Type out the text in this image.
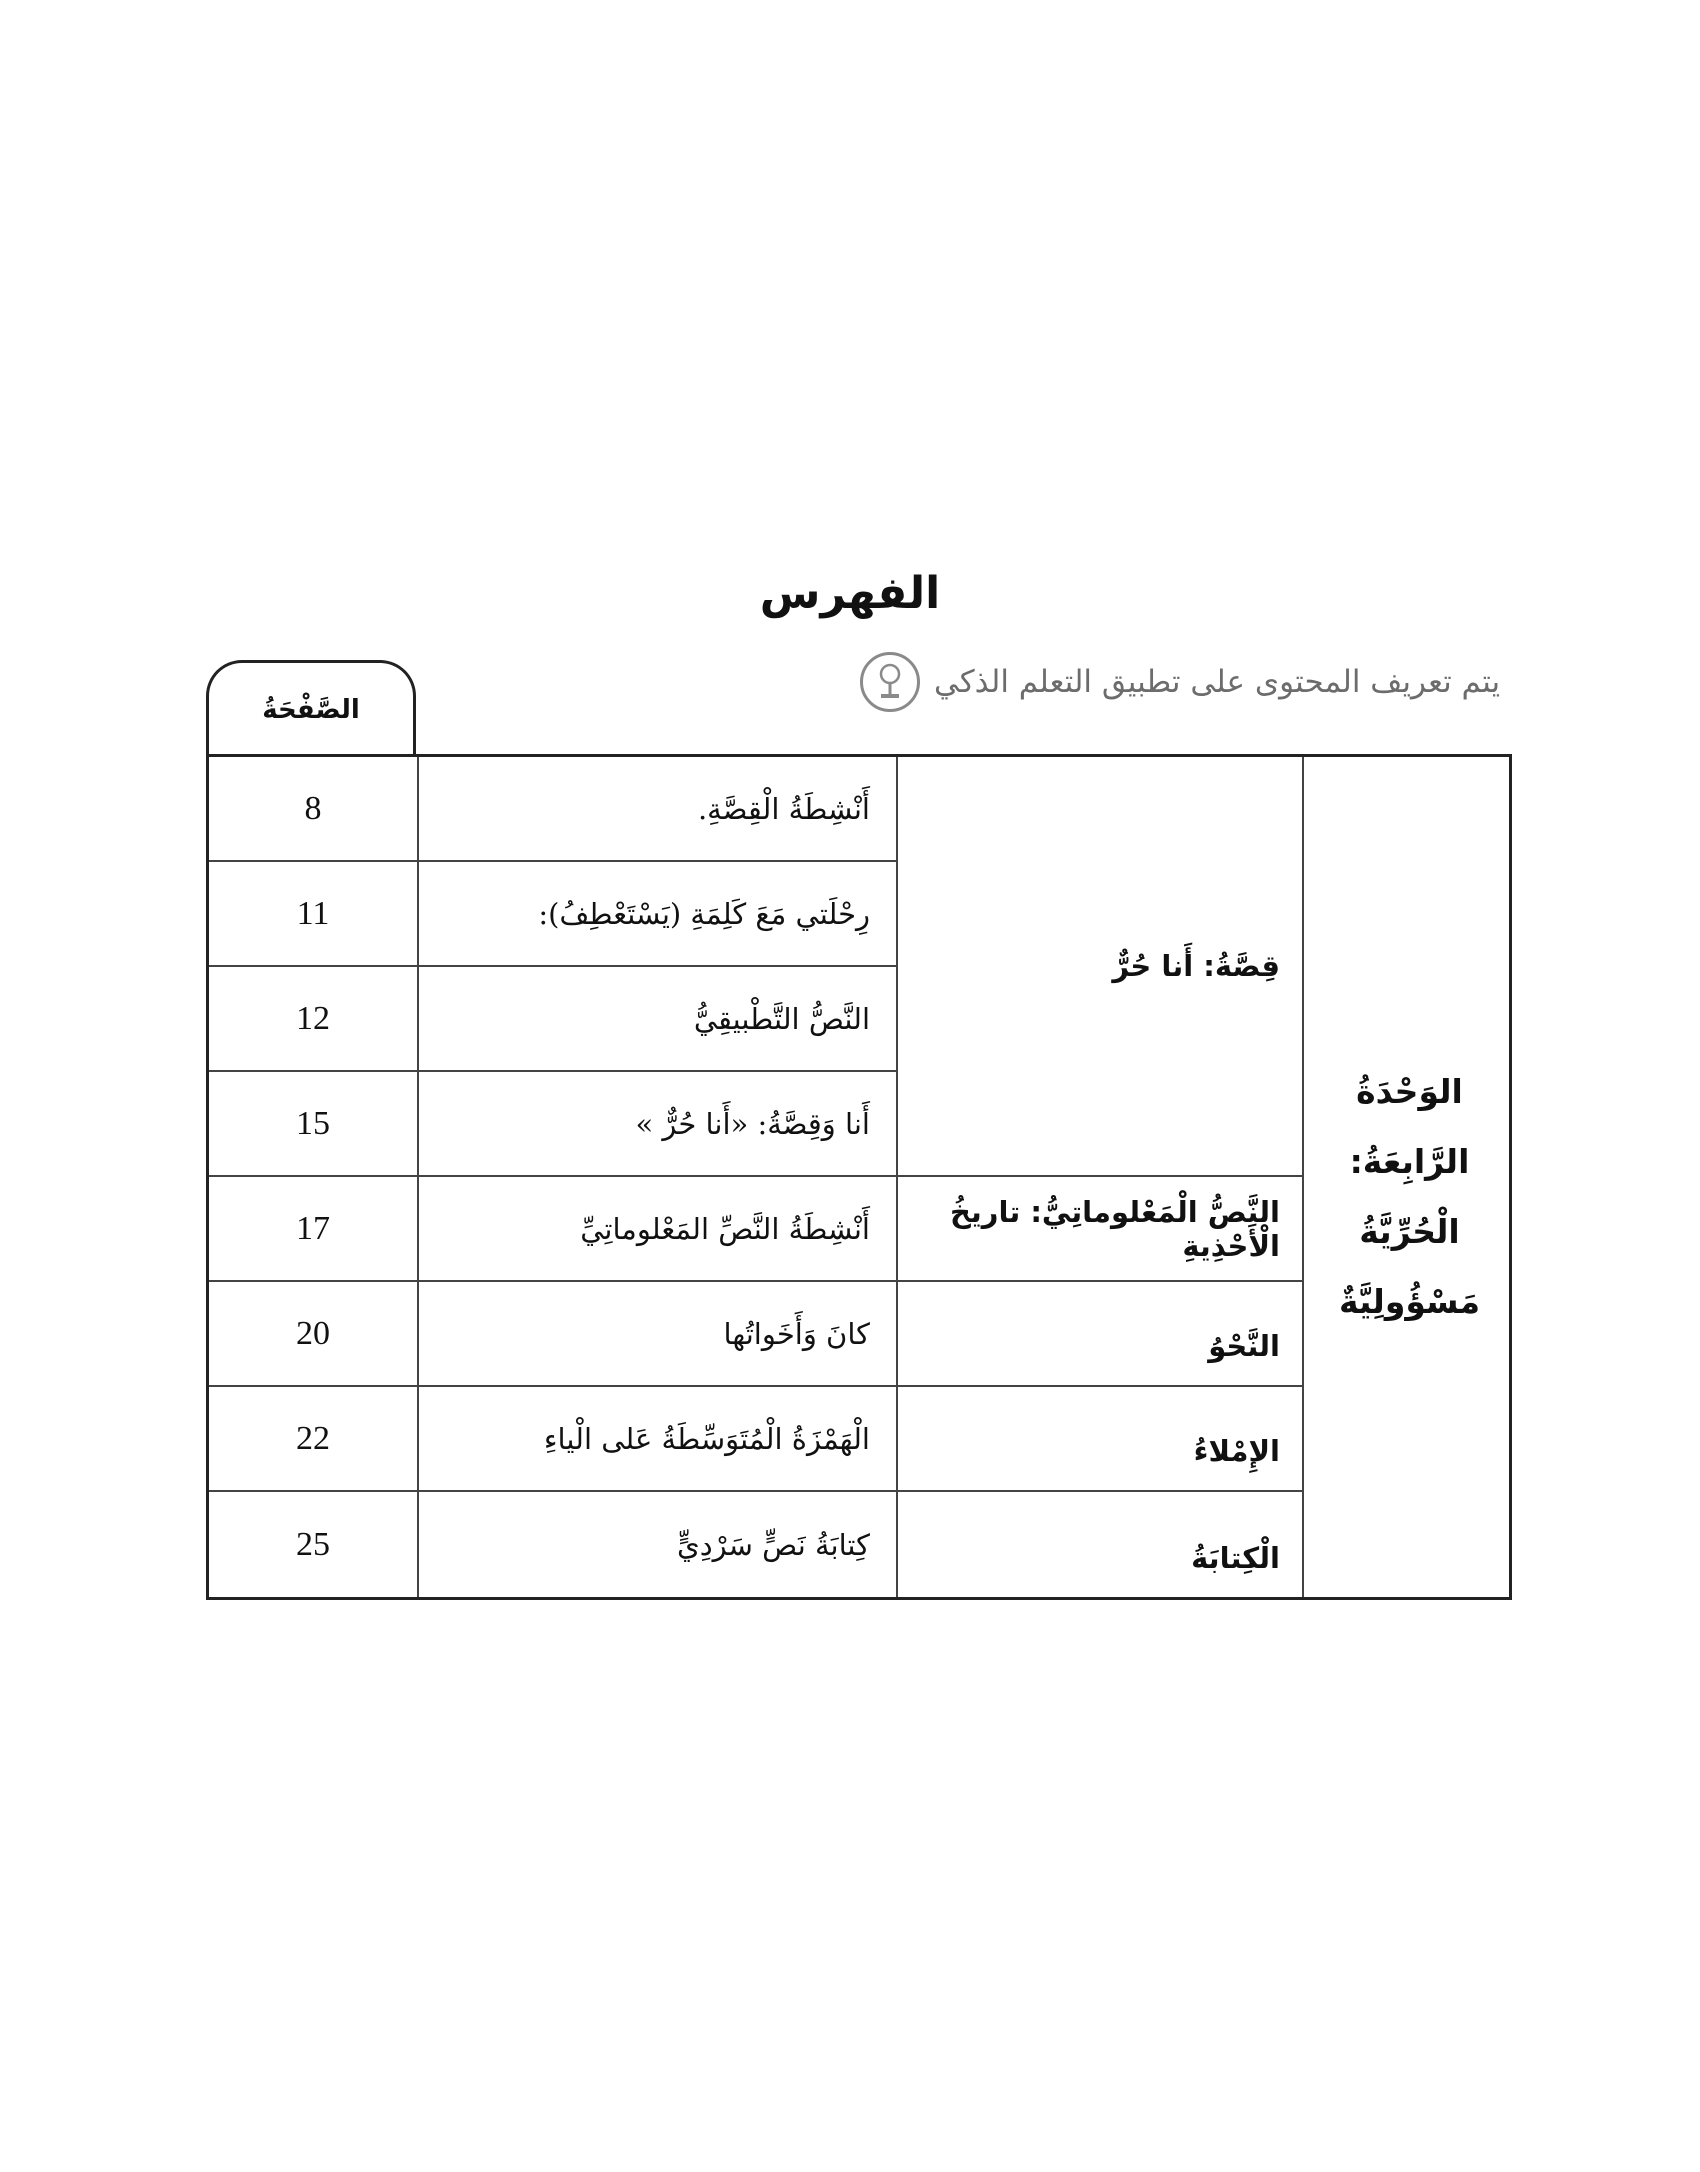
الفهرس
يتم تعريف المحتوى على تطبيق التعلم الذكي
الصَّفْحَةُ
الوَحْدَةُ
الرَّابِعَةُ:
الْحُرِّيَّةُ
مَسْؤُولِيَّةٌ
قِصَّةُ: أَنا حُرٌّ
النَّصُّ الْمَعْلوماتِيُّ: تاريخُ الْأَحْذِيةِ
النَّحْوُ
الإِمْلاءُ
الْكِتابَةُ
أَنْشِطَةُ الْقِصَّةِ.
رِحْلَتي مَعَ كَلِمَةِ (يَسْتَعْطِفُ):
النَّصُّ التَّطْبيقِيُّ
أَنا وَقِصَّةُ: «أَنا حُرٌّ »
أَنْشِطَةُ النَّصِّ المَعْلوماتِيِّ
كانَ وَأَخَواتُها
الْهَمْزَةُ الْمُتَوَسِّطَةُ عَلى الْياءِ
كِتابَةُ نَصٍّ سَرْدِيٍّ
8
11
12
15
17
20
22
25
